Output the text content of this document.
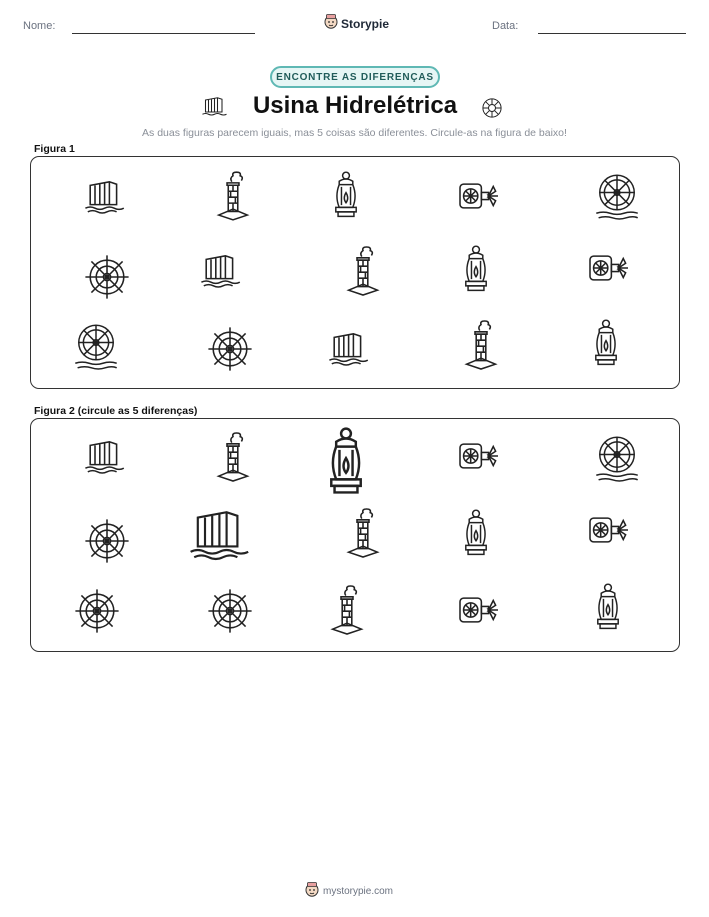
Nome:	Storypie	Data:
ENCONTRE AS DIFERENÇAS
Usina Hidrelétrica
As duas figuras parecem iguais, mas 5 coisas são diferentes. Circule-as na figura de baixo!
Figura 1
Figura 2 (circule as 5 diferenças)
mystorypie.com
